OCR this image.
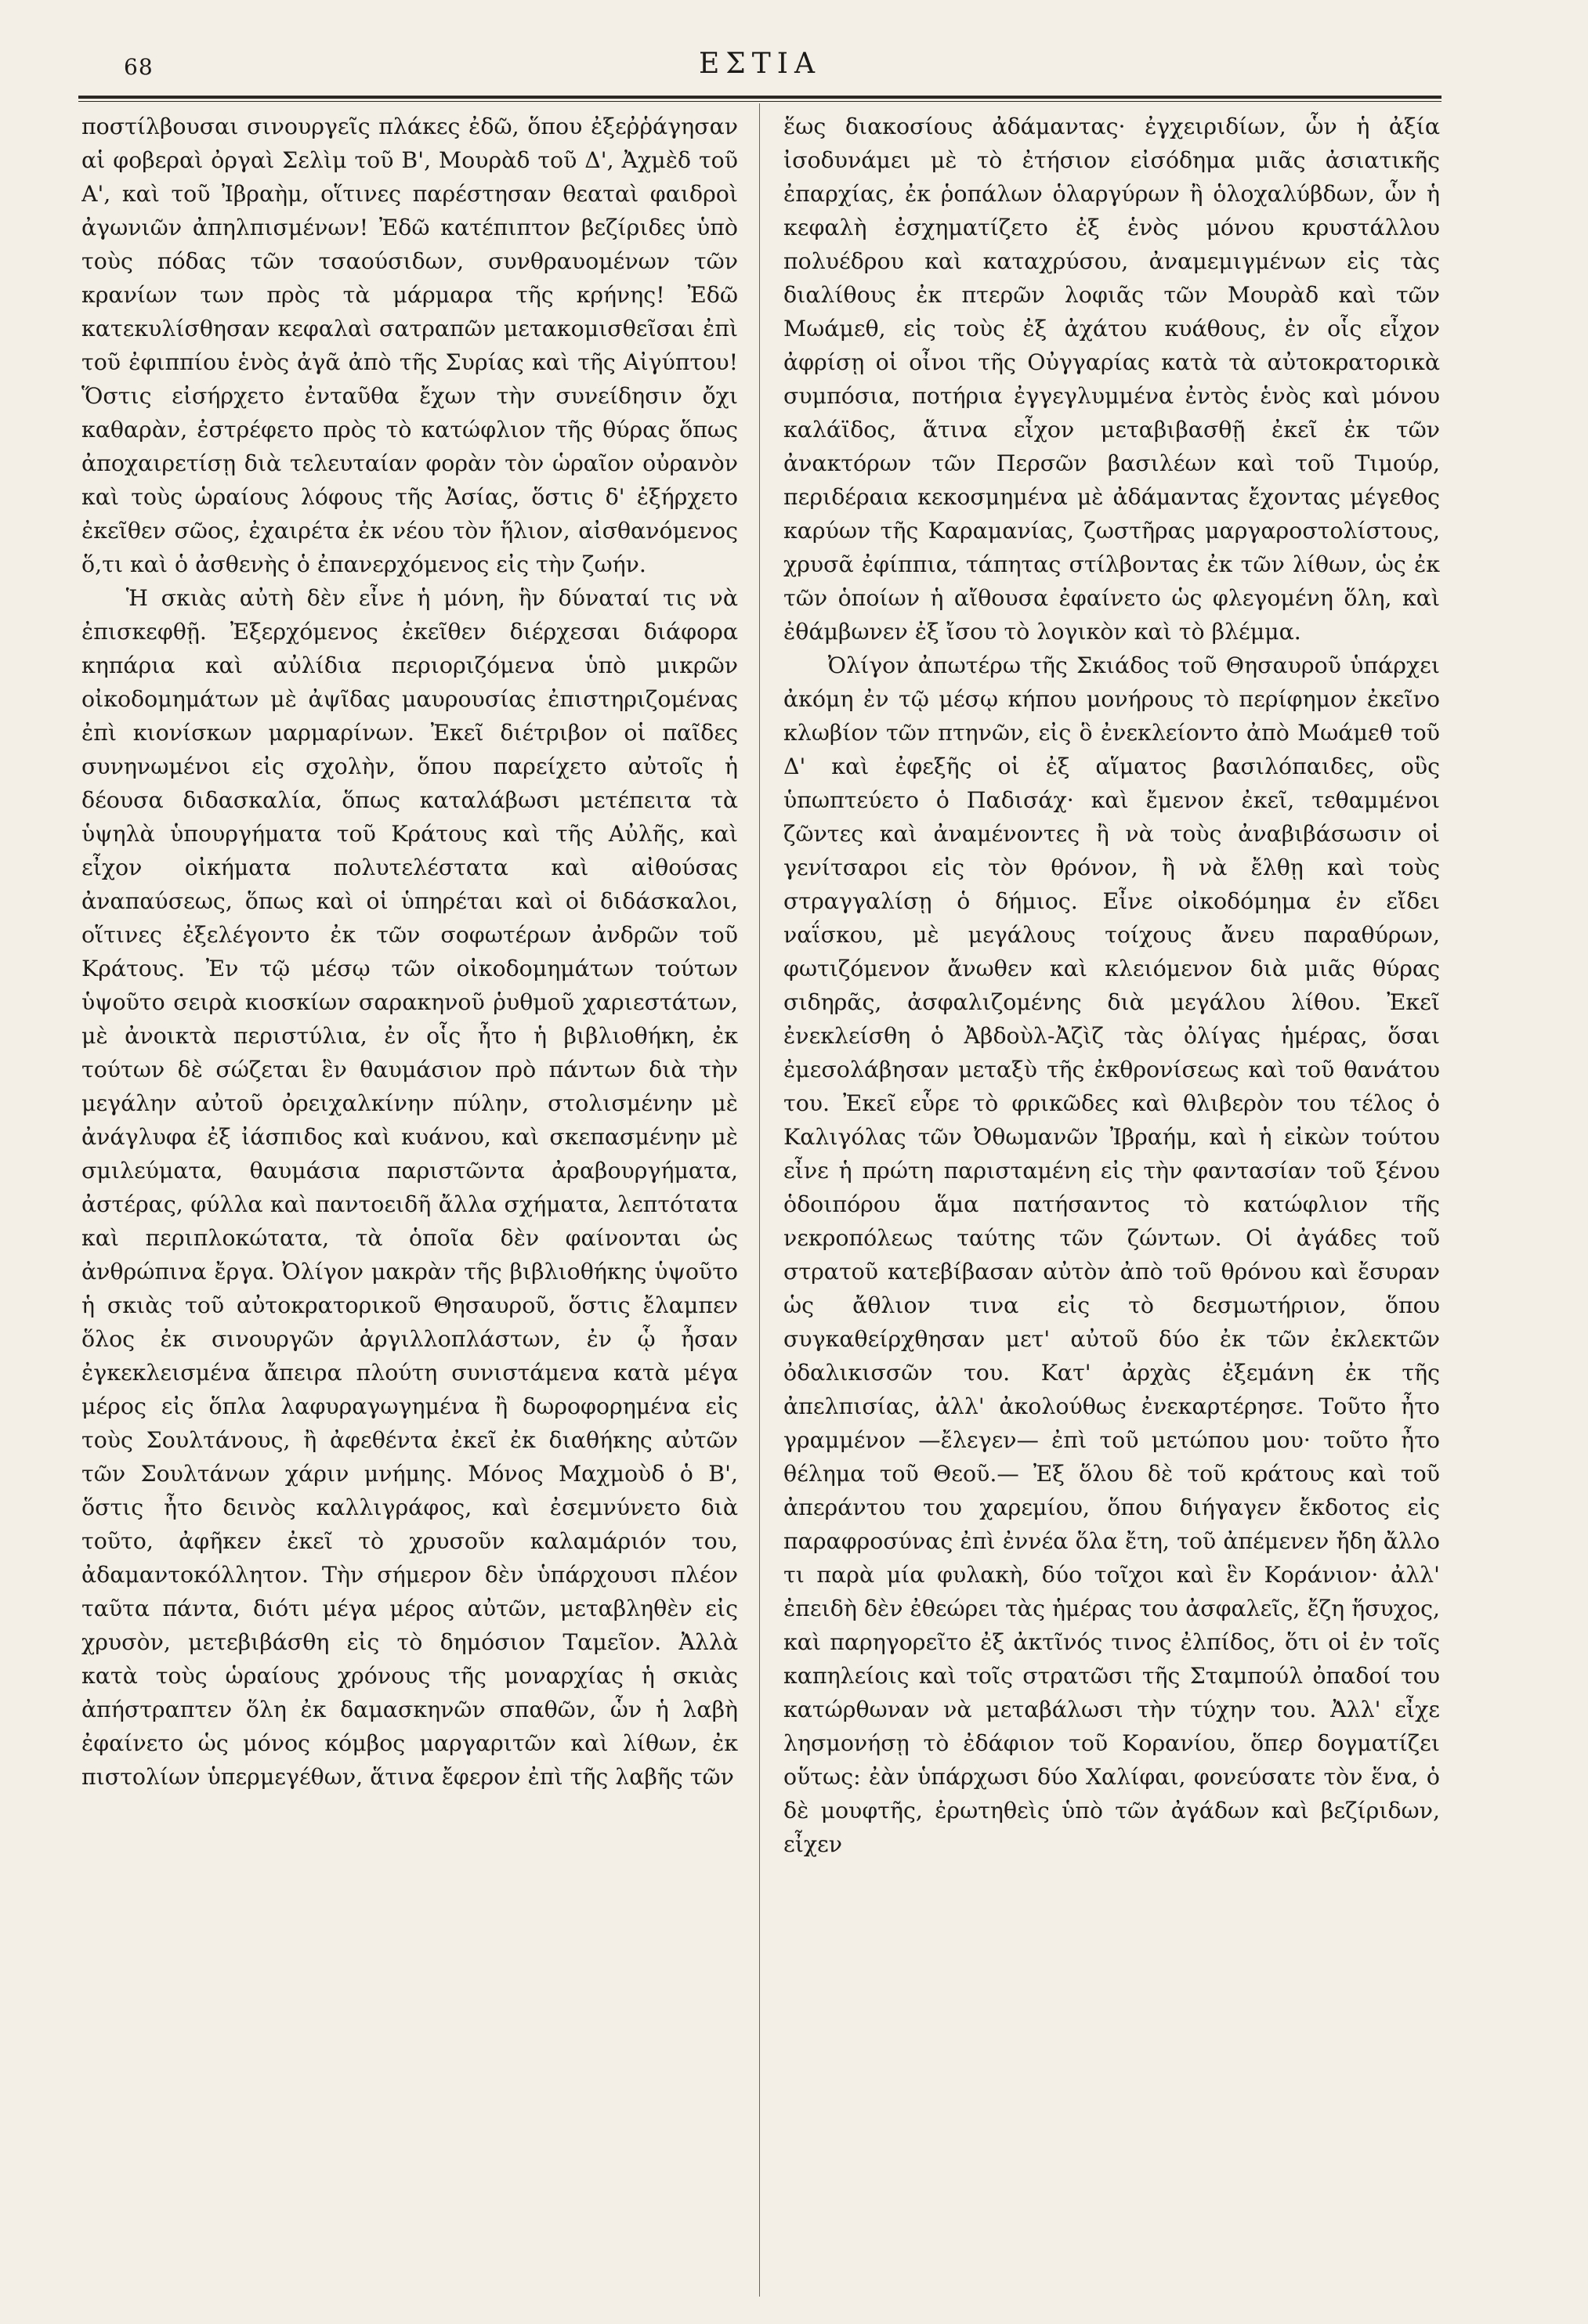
68	ΕΣΤΙΑ

ποστίλβουσαι σινουργεῖς πλάκες ἐδῶ, ὅπου ἐξεῤῥάγησαν αἱ φοβεραὶ ὀργαὶ Σελὶμ τοῦ Β', Μουρὰδ τοῦ Δ', Ἀχμὲδ τοῦ Α', καὶ τοῦ Ἰβραὴμ, οἵτινες παρέστησαν θεαταὶ φαιδροὶ ἀγωνιῶν ἀπηλπισμένων! Ἐδῶ κατέπιπτον βεζίριδες ὑπὸ τοὺς πόδας τῶν τσαούσιδων, συνθραυομένων τῶν κρανίων των πρὸς τὰ μάρμαρα τῆς κρήνης! Ἐδῶ κατεκυλίσθησαν κεφαλαὶ σατραπῶν μετακομισθεῖσαι ἐπὶ τοῦ ἐφιππίου ἑνὸς ἀγᾶ ἀπὸ τῆς Συρίας καὶ τῆς Αἰγύπτου! Ὅστις εἰσήρχετο ἐνταῦθα ἔχων τὴν συνείδησιν ὄχι καθαρὰν, ἐστρέφετο πρὸς τὸ κατώφλιον τῆς θύρας ὅπως ἀποχαιρετίσῃ διὰ τελευταίαν φορὰν τὸν ὡραῖον οὐρανὸν καὶ τοὺς ὡραίους λόφους τῆς Ἀσίας, ὅστις δ' ἐξήρχετο ἐκεῖθεν σῶος, ἐχαιρέτα ἐκ νέου τὸν ἥλιον, αἰσθανόμενος ὅ,τι καὶ ὁ ἀσθενὴς ὁ ἐπανερχόμενος εἰς τὴν ζωήν.

Ἡ σκιὰς αὐτὴ δὲν εἶνε ἡ μόνη, ἣν δύναταί τις νὰ ἐπισκεφθῇ. Ἐξερχόμενος ἐκεῖθεν διέρχεσαι διάφορα κηπάρια καὶ αὐλίδια περιοριζόμενα ὑπὸ μικρῶν οἰκοδομημάτων μὲ ἀψῖδας μαυρουσίας ἐπιστηριζομένας ἐπὶ κιονίσκων μαρμαρίνων. Ἐκεῖ διέτριβον οἱ παῖδες συνηνωμένοι εἰς σχολὴν, ὅπου παρείχετο αὐτοῖς ἡ δέουσα διδασκαλία, ὅπως καταλάβωσι μετέπειτα τὰ ὑψηλὰ ὑπουργήματα τοῦ Κράτους καὶ τῆς Αὐλῆς, καὶ εἶχον οἰκήματα πολυτελέστατα καὶ αἰθούσας ἀναπαύσεως, ὅπως καὶ οἱ ὑπηρέται καὶ οἱ διδάσκαλοι, οἵτινες ἐξελέγοντο ἐκ τῶν σοφωτέρων ἀνδρῶν τοῦ Κράτους. Ἐν τῷ μέσῳ τῶν οἰκοδομημάτων τούτων ὑψοῦτο σειρὰ κιοσκίων σαρακηνοῦ ῥυθμοῦ χαριεστάτων, μὲ ἀνοικτὰ περιστύλια, ἐν οἷς ἦτο ἡ βιβλιοθήκη, ἐκ τούτων δὲ σώζεται ἓν θαυμάσιον πρὸ πάντων διὰ τὴν μεγάλην αὐτοῦ ὀρειχαλκίνην πύλην, στολισμένην μὲ ἀνάγλυφα ἐξ ἰάσπιδος καὶ κυάνου, καὶ σκεπασμένην μὲ σμιλεύματα, θαυμάσια παριστῶντα ἀραβουργήματα, ἀστέρας, φύλλα καὶ παντοειδῆ ἄλλα σχήματα, λεπτότατα καὶ περιπλοκώτατα, τὰ ὁποῖα δὲν φαίνονται ὡς ἀνθρώπινα ἔργα. Ὀλίγον μακρὰν τῆς βιβλιοθήκης ὑψοῦτο ἡ σκιὰς τοῦ αὐτοκρατορικοῦ Θησαυροῦ, ὅστις ἔλαμπεν ὅλος ἐκ σινουργῶν ἀργιλλοπλάστων, ἐν ᾧ ἦσαν ἐγκεκλεισμένα ἄπειρα πλούτη συνιστάμενα κατὰ μέγα μέρος εἰς ὅπλα λαφυραγωγημένα ἢ δωροφορημένα εἰς τοὺς Σουλτάνους, ἢ ἀφεθέντα ἐκεῖ ἐκ διαθήκης αὐτῶν τῶν Σουλτάνων χάριν μνήμης. Μόνος Μαχμοὺδ ὁ Β', ὅστις ἦτο δεινὸς καλλιγράφος, καὶ ἐσεμνύνετο διὰ τοῦτο, ἀφῆκεν ἐκεῖ τὸ χρυσοῦν καλαμάριόν του, ἀδαμαντοκόλλητον. Τὴν σήμερον δὲν ὑπάρχουσι πλέον ταῦτα πάντα, διότι μέγα μέρος αὐτῶν, μεταβληθὲν εἰς χρυσὸν, μετεβιβάσθη εἰς τὸ δημόσιον Ταμεῖον. Ἀλλὰ κατὰ τοὺς ὡραίους χρόνους τῆς μοναρχίας ἡ σκιὰς ἀπήστραπτεν ὅλη ἐκ δαμασκηνῶν σπαθῶν, ὧν ἡ λαβὴ ἐφαίνετο ὡς μόνος κόμβος μαργαριτῶν καὶ λίθων, ἐκ πιστολίων ὑπερμεγέθων, ἅτινα ἔφερον ἐπὶ τῆς λαβῆς τῶν

ἕως διακοσίους ἀδάμαντας· ἐγχειριδίων, ὧν ἡ ἀξία ἰσοδυνάμει μὲ τὸ ἐτήσιον εἰσόδημα μιᾶς ἀσιατικῆς ἐπαρχίας, ἐκ ῥοπάλων ὁλαργύρων ἢ ὁλοχαλύβδων, ὧν ἡ κεφαλὴ ἐσχηματίζετο ἐξ ἑνὸς μόνου κρυστάλλου πολυέδρου καὶ καταχρύσου, ἀναμεμιγμένων εἰς τὰς διαλίθους ἐκ πτερῶν λοφιᾶς τῶν Μουρὰδ καὶ τῶν Μωάμεθ, εἰς τοὺς ἐξ ἀχάτου κυάθους, ἐν οἷς εἶχον ἀφρίσῃ οἱ οἶνοι τῆς Οὐγγαρίας κατὰ τὰ αὐτοκρατορικὰ συμπόσια, ποτήρια ἐγγεγλυμμένα ἐντὸς ἑνὸς καὶ μόνου καλάϊδος, ἅτινα εἶχον μεταβιβασθῇ ἐκεῖ ἐκ τῶν ἀνακτόρων τῶν Περσῶν βασιλέων καὶ τοῦ Τιμούρ, περιδέραια κεκοσμημένα μὲ ἀδάμαντας ἔχοντας μέγεθος καρύων τῆς Καραμανίας, ζωστῆρας μαργαροστολίστους, χρυσᾶ ἐφίππια, τάπητας στίλβοντας ἐκ τῶν λίθων, ὡς ἐκ τῶν ὁποίων ἡ αἴθουσα ἐφαίνετο ὡς φλεγομένη ὅλη, καὶ ἐθάμβωνεν ἐξ ἴσου τὸ λογικὸν καὶ τὸ βλέμμα.

Ὀλίγον ἀπωτέρω τῆς Σκιάδος τοῦ Θησαυροῦ ὑπάρχει ἀκόμη ἐν τῷ μέσῳ κήπου μονήρους τὸ περίφημον ἐκεῖνο κλωβίον τῶν πτηνῶν, εἰς ὃ ἐνεκλείοντο ἀπὸ Μωάμεθ τοῦ Δ' καὶ ἐφεξῆς οἱ ἐξ αἵματος βασιλόπαιδες, οὓς ὑπωπτεύετο ὁ Παδισάχ· καὶ ἔμενον ἐκεῖ, τεθαμμένοι ζῶντες καὶ ἀναμένοντες ἢ νὰ τοὺς ἀναβιβάσωσιν οἱ γενίτσαροι εἰς τὸν θρόνον, ἢ νὰ ἔλθῃ καὶ τοὺς στραγγαλίσῃ ὁ δήμιος. Εἶνε οἰκοδόμημα ἐν εἴδει ναΐσκου, μὲ μεγάλους τοίχους ἄνευ παραθύρων, φωτιζόμενον ἄνωθεν καὶ κλειόμενον διὰ μιᾶς θύρας σιδηρᾶς, ἀσφαλιζομένης διὰ μεγάλου λίθου. Ἐκεῖ ἐνεκλείσθη ὁ Ἀβδοὺλ-Ἀζὶζ τὰς ὀλίγας ἡμέρας, ὅσαι ἐμεσολάβησαν μεταξὺ τῆς ἐκθρονίσεως καὶ τοῦ θανάτου του. Ἐκεῖ εὗρε τὸ φρικῶδες καὶ θλιβερὸν του τέλος ὁ Καλιγόλας τῶν Ὀθωμανῶν Ἰβραήμ, καὶ ἡ εἰκὼν τούτου εἶνε ἡ πρώτη παρισταμένη εἰς τὴν φαντασίαν τοῦ ξένου ὁδοιπόρου ἅμα πατήσαντος τὸ κατώφλιον τῆς νεκροπόλεως ταύτης τῶν ζώντων. Οἱ ἀγάδες τοῦ στρατοῦ κατεβίβασαν αὐτὸν ἀπὸ τοῦ θρόνου καὶ ἔσυραν ὡς ἄθλιον τινα εἰς τὸ δεσμωτήριον, ὅπου συγκαθείρχθησαν μετ' αὐτοῦ δύο ἐκ τῶν ἐκλεκτῶν ὀδαλικισσῶν του. Κατ' ἀρχὰς ἐξεμάνη ἐκ τῆς ἀπελπισίας, ἀλλ' ἀκολούθως ἐνεκαρτέρησε. Τοῦτο ἦτο γραμμένον —ἔλεγεν— ἐπὶ τοῦ μετώπου μου· τοῦτο ἦτο θέλημα τοῦ Θεοῦ.— Ἐξ ὅλου δὲ τοῦ κράτους καὶ τοῦ ἀπεράντου του χαρεμίου, ὅπου διήγαγεν ἔκδοτος εἰς παραφροσύνας ἐπὶ ἐννέα ὅλα ἔτη, τοῦ ἀπέμενεν ἤδη ἄλλο τι παρὰ μία φυλακὴ, δύο τοῖχοι καὶ ἓν Κοράνιον· ἀλλ' ἐπειδὴ δὲν ἐθεώρει τὰς ἡμέρας του ἀσφαλεῖς, ἔζη ἥσυχος, καὶ παρηγορεῖτο ἐξ ἀκτῖνός τινος ἐλπίδος, ὅτι οἱ ἐν τοῖς καπηλείοις καὶ τοῖς στρατῶσι τῆς Σταμπούλ ὀπαδοί του κατώρθωναν νὰ μεταβάλωσι τὴν τύχην του. Ἀλλ' εἶχε λησμονήσῃ τὸ ἐδάφιον τοῦ Κορανίου, ὅπερ δογματίζει οὕτως: ἐὰν ὑπάρχωσι δύο Χαλίφαι, φονεύσατε τὸν ἕνα, ὁ δὲ μουφτῆς, ἐρωτηθεὶς ὑπὸ τῶν ἀγάδων καὶ βεζίριδων, εἶχεν
